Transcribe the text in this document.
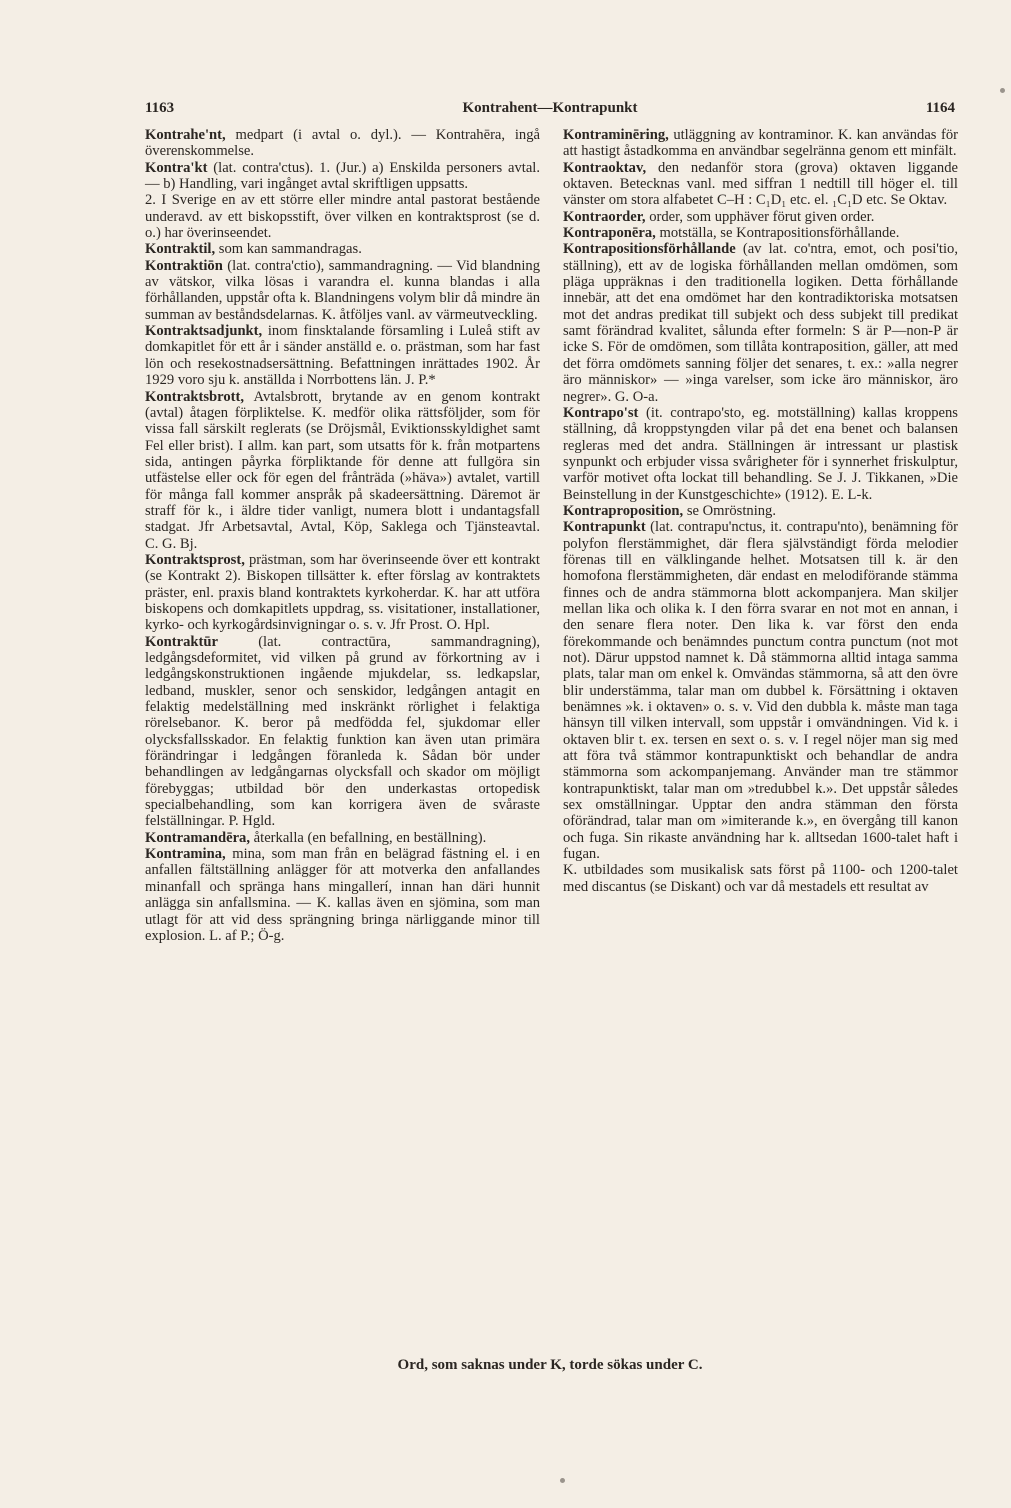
1163	Kontrahent—Kontrapunkt	1164

Kontrahe'nt, medpart (i avtal o. dyl.). — Kontrahēra, ingå överenskommelse.

Kontra'kt (lat. contra'ctus). 1. (Jur.) a) Enskilda personers avtal. — b) Handling, vari ingånget avtal skriftligen uppsatts.

2. I Sverige en av ett större eller mindre antal pastorat bestående underavd. av ett biskopsstift, över vilken en kontraktsprost (se d. o.) har överinseendet.

Kontraktil, som kan sammandragas.

Kontraktiōn (lat. contra'ctio), sammandragning. — Vid blandning av vätskor, vilka lösas i varandra el. kunna blandas i alla förhållanden, uppstår ofta k. Blandningens volym blir då mindre än summan av beståndsdelarnas. K. åtföljes vanl. av värmeutveckling.

Kontraktsadjunkt, inom finsktalande församling i Luleå stift av domkapitlet för ett år i sänder anställd e. o. prästman, som har fast lön och resekostnadsersättning. Befattningen inrättades 1902. År 1929 voro sju k. anställda i Norrbottens län. J. P.*

Kontraktsbrott, Avtalsbrott, brytande av en genom kontrakt (avtal) åtagen förpliktelse. K. medför olika rättsföljder, som för vissa fall särskilt reglerats (se Dröjsmål, Eviktionsskyldighet samt Fel eller brist). I allm. kan part, som utsatts för k. från motpartens sida, antingen påyrka förpliktande för denne att fullgöra sin utfästelse eller ock för egen del frånträda (»häva») avtalet, vartill för många fall kommer anspråk på skadeersättning. Däremot är straff för k., i äldre tider vanligt, numera blott i undantagsfall stadgat. Jfr Arbetsavtal, Avtal, Köp, Saklega och Tjänsteavtal. C. G. Bj.

Kontraktsprost, prästman, som har överinseende över ett kontrakt (se Kontrakt 2). Biskopen tillsätter k. efter förslag av kontraktets präster, enl. praxis bland kontraktets kyrkoherdar. K. har att utföra biskopens och domkapitlets uppdrag, ss. visitationer, installationer, kyrko- och kyrkogårdsinvigningar o. s. v. Jfr Prost. O. Hpl.

Kontraktūr	(lat. contractūra, sammandragning), ledgångsdeformitet, vid vilken på grund av förkortning av i ledgångskonstruktionen ingående mjukdelar, ss. ledkapslar, ledband, muskler, senor och senskidor, ledgången antagit en felaktig medelställning med inskränkt rörlighet i felaktiga rörelsebanor. K. beror på medfödda fel, sjukdomar eller olycksfallsskador. En felaktig funktion kan även utan primära förändringar i ledgången föranleda k. Sådan bör under behandlingen av ledgångarnas olycksfall och skador om möjligt förebyggas; utbildad bör den underkastas ortopedisk specialbehandling, som kan korrigera även de svåraste felställningar. P. Hgld.

Kontramandēra, återkalla (en befallning, en beställning).

Kontramina, mina, som man från en belägrad fästning el. i en anfallen fältställning anlägger för att motverka den anfallandes minanfall och spränga hans mingallerí, innan han däri hunnit anlägga sin anfallsmina. — K. kallas även en sjömina, som man utlagt för att vid dess sprängning bringa närliggande minor till explosion. L. af P.; Ö-g.

Kontraminēring, utläggning av kontraminor. K. kan användas för att hastigt åstadkomma en användbar segelränna genom ett minfält.

Kontraoktav, den nedanför stora (grova) oktaven liggande oktaven. Betecknas vanl. med siffran 1 nedtill till höger el. till vänster om stora alfabetet C–H : C₁D₁ etc. el. ₁C₁D etc. Se Oktav.

Kontraorder, order, som upphäver förut given order.

Kontraponēra, motställa, se Kontrapositionsförhållande.

Kontrapositionsförhållande (av lat. co'ntra, emot, och posi'tio, ställning), ett av de logiska förhållanden mellan omdömen, som pläga uppräknas i den traditionella logiken. Detta förhållande innebär, att det ena omdömet har den kontradiktoriska motsatsen mot det andras predikat till subjekt och dess subjekt till predikat samt förändrad kvalitet, sålunda efter formeln: S är P—non-P är icke S. För de omdömen, som tillåta kontraposition, gäller, att med det förra omdömets sanning följer det senares, t. ex.: »alla negrer äro människor» — »inga varelser, som icke äro människor, äro negrer». G. O-a.

Kontrapo'st (it. contrapo'sto, eg. motställning) kallas kroppens ställning, då kroppstyngden vilar på det ena benet och balansen regleras med det andra. Ställningen är intressant ur plastisk synpunkt och erbjuder vissa svårigheter för i synnerhet friskulptur, varför motivet ofta lockat till behandling. Se J. J. Tikkanen, »Die Beinstellung in der Kunstgeschichte» (1912). E. L-k.

Kontraproposition, se Omröstning.

Kontrapunkt (lat. contrapu'nctus, it. contrapu'nto), benämning för polyfon flerstämmighet, där flera självständigt förda melodier förenas till en välklingande helhet. Motsatsen till k. är den homofona flerstämmigheten, där endast en melodiförande stämma finnes och de andra stämmorna blott ackompanjera. Man skiljer mellan lika och olika k. I den förra svarar en not mot en annan, i den senare flera noter. Den lika k. var först den enda förekommande och benämndes punctum contra punctum (not mot not). Därur uppstod namnet k. Då stämmorna alltid intaga samma plats, talar man om enkel k. Omvändas stämmorna, så att den övre blir understämma, talar man om dubbel k. Försättning i oktaven benämnes »k. i oktaven» o. s. v. Vid den dubbla k. måste man taga hänsyn till vilken intervall, som uppstår i omvändningen. Vid k. i oktaven blir t. ex. tersen en sext o. s. v. I regel nöjer man sig med att föra två stämmor kontrapunktiskt och behandlar de andra stämmorna som ackompanjemang. Använder man tre stämmor kontrapunktiskt, talar man om »tredubbel k.». Det uppstår således sex omställningar. Upptar den andra stämman den första oförändrad, talar man om »imiterande k.», en övergång till kanon och fuga. Sin rikaste användning har k. alltsedan 1600-talet haft i fugan.

K. utbildades som musikalisk sats först på 1100- och 1200-talet med discantus (se Diskant) och var då mestadels ett resultat av

Ord, som saknas under K, torde sökas under C.
